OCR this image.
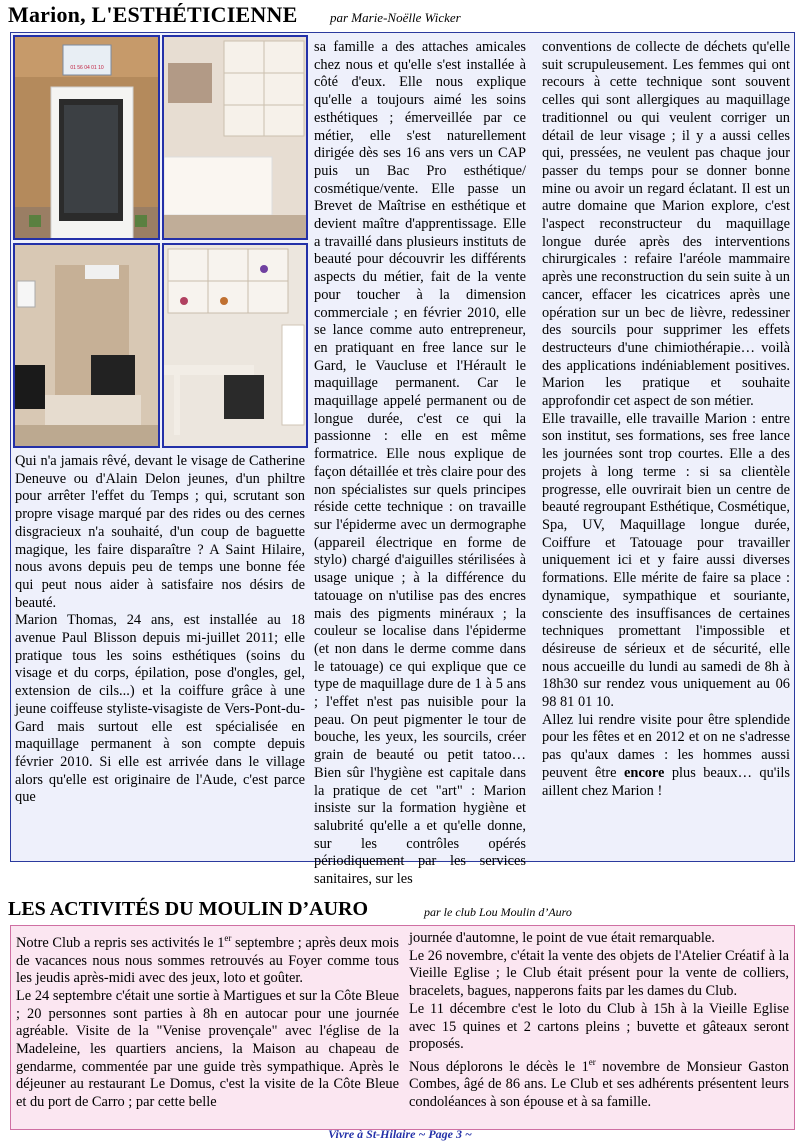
Marion, L'ESTHÉTICIENNE	par Marie-Noëlle Wicker
01 56 04 01 10

Qui n'a jamais rêvé, devant le visage de Catherine Deneuve ou d'Alain Delon jeunes, d'un philtre pour arrêter l'effet du Temps ; qui, scrutant son propre visage marqué par des rides ou des cernes disgracieux n'a souhaité, d'un coup de baguette magique, les faire disparaître ? A Saint Hilaire, nous avons depuis peu de temps une bonne fée qui peut nous aider à satisfaire nos désirs de beauté.

Marion Thomas, 24 ans, est installée au 18 avenue Paul Blisson depuis mi-juillet 2011; elle pratique tous les soins esthétiques (soins du visage et du corps, épilation, pose d'ongles, gel, extension de cils...) et la coiffure grâce à une jeune coiffeuse styliste-visagiste de Vers-Pont-du-Gard mais surtout elle est spécialisée en maquillage permanent à son compte depuis février 2010. Si elle est arrivée dans le village alors qu'elle est originaire de l'Aude, c'est parce que

sa famille a des attaches amicales chez nous et qu'elle s'est installée à côté d'eux. Elle nous explique qu'elle a toujours aimé les soins esthétiques ; émerveillée par ce métier, elle s'est naturellement dirigée dès ses 16 ans vers un CAP puis un Bac Pro esthétique/ cosmétique/vente. Elle passe un Brevet de Maîtrise en esthétique et devient maître d'apprentissage. Elle a travaillé dans plusieurs instituts de beauté pour découvrir les différents aspects du métier, fait de la vente pour toucher à la dimension commerciale ; en février 2010, elle se lance comme auto entrepreneur, en pratiquant en free lance sur le Gard, le Vaucluse et l'Hérault le maquillage permanent. Car le maquillage appelé permanent ou de longue durée, c'est ce qui la passionne : elle en est même formatrice. Elle nous explique de façon détaillée et très claire pour des non spécialistes sur quels principes réside cette technique : on travaille sur l'épiderme avec un dermographe (appareil électrique en forme de stylo) chargé d'aiguilles stérilisées à usage unique ; à la différence du tatouage on n'utilise pas des encres mais des pigments minéraux ; la couleur se localise dans l'épiderme (et non dans le derme comme dans le tatouage) ce qui explique que ce type de maquillage dure de 1 à 5 ans ; l'effet n'est pas nuisible pour la peau. On peut pigmenter le tour de bouche, les yeux, les sourcils, créer grain de beauté ou petit tatoo… Bien sûr l'hygiène est capitale dans la pratique de cet "art" : Marion insiste sur la formation hygiène et salubrité qu'elle a et qu'elle donne, sur les contrôles opérés périodiquement par les services sanitaires, sur les

conventions de collecte de déchets qu'elle suit scrupuleusement. Les femmes qui ont recours à cette technique sont souvent celles qui sont allergiques au maquillage traditionnel ou qui veulent corriger un détail de leur visage ; il y a aussi celles qui, pressées, ne veulent pas chaque jour passer du temps pour se donner bonne mine ou avoir un regard éclatant. Il est un autre domaine que Marion explore, c'est l'aspect reconstructeur du maquillage longue durée après des interventions chirurgicales : refaire l'aréole mammaire après une reconstruction du sein suite à un cancer, effacer les cicatrices après une opération sur un bec de lièvre, redessiner des sourcils pour supprimer les effets destructeurs d'une chimiothérapie… voilà des applications indéniablement positives. Marion les pratique et souhaite approfondir cet aspect de son métier.

Elle travaille, elle travaille Marion : entre son institut, ses formations, ses free lance les journées sont trop courtes. Elle a des projets à long terme : si sa clientèle progresse, elle ouvrirait bien un centre de beauté regroupant Esthétique, Cosmétique, Spa, UV, Maquillage longue durée, Coiffure et Tatouage pour travailler uniquement ici et y faire aussi diverses formations. Elle mérite de faire sa place : dynamique, sympathique et souriante, consciente des insuffisances de certaines techniques promettant l'impossible et désireuse de sérieux et de sécurité, elle nous accueille du lundi au samedi de 8h à 18h30 sur rendez vous uniquement au 06 98 81 01 10.

Allez lui rendre visite pour être splendide pour les fêtes et en 2012 et on ne s'adresse pas qu'aux dames : les hommes aussi peuvent être encore plus beaux… qu'ils aillent chez Marion !

LES ACTIVITÉS DU MOULIN D’AURO	par le club Lou Moulin d’Auro

Notre Club a repris ses activités le 1er septembre ; après deux mois de vacances nous nous sommes retrouvés au Foyer comme tous les jeudis après-midi avec des jeux, loto et goûter.

Le 24 septembre c'était une sortie à Martigues et sur la Côte Bleue ; 20 personnes sont parties à 8h en autocar pour une journée agréable. Visite de la "Venise provençale" avec l'église de la Madeleine, les quartiers anciens, la Maison au chapeau de gendarme, commentée par une guide très sympathique. Après le déjeuner au restaurant Le Domus, c'est la visite de la Côte Bleue et du port de Carro ; par cette belle

journée d'automne, le point de vue était remarquable.

Le 26 novembre, c'était la vente des objets de l'Atelier Créatif à la Vieille Eglise ; le Club était présent pour la vente de colliers, bracelets, bagues, napperons faits par les dames du Club.

Le 11 décembre c'est le loto du Club à 15h à la Vieille Eglise avec 15 quines et 2 cartons pleins ; buvette et gâteaux seront proposés.

Nous déplorons le décès le 1er novembre de Monsieur Gaston Combes, âgé de 86 ans. Le Club et ses adhérents présentent leurs condoléances à son épouse et à sa famille.

Vivre à St-Hilaire ~ Page 3 ~
